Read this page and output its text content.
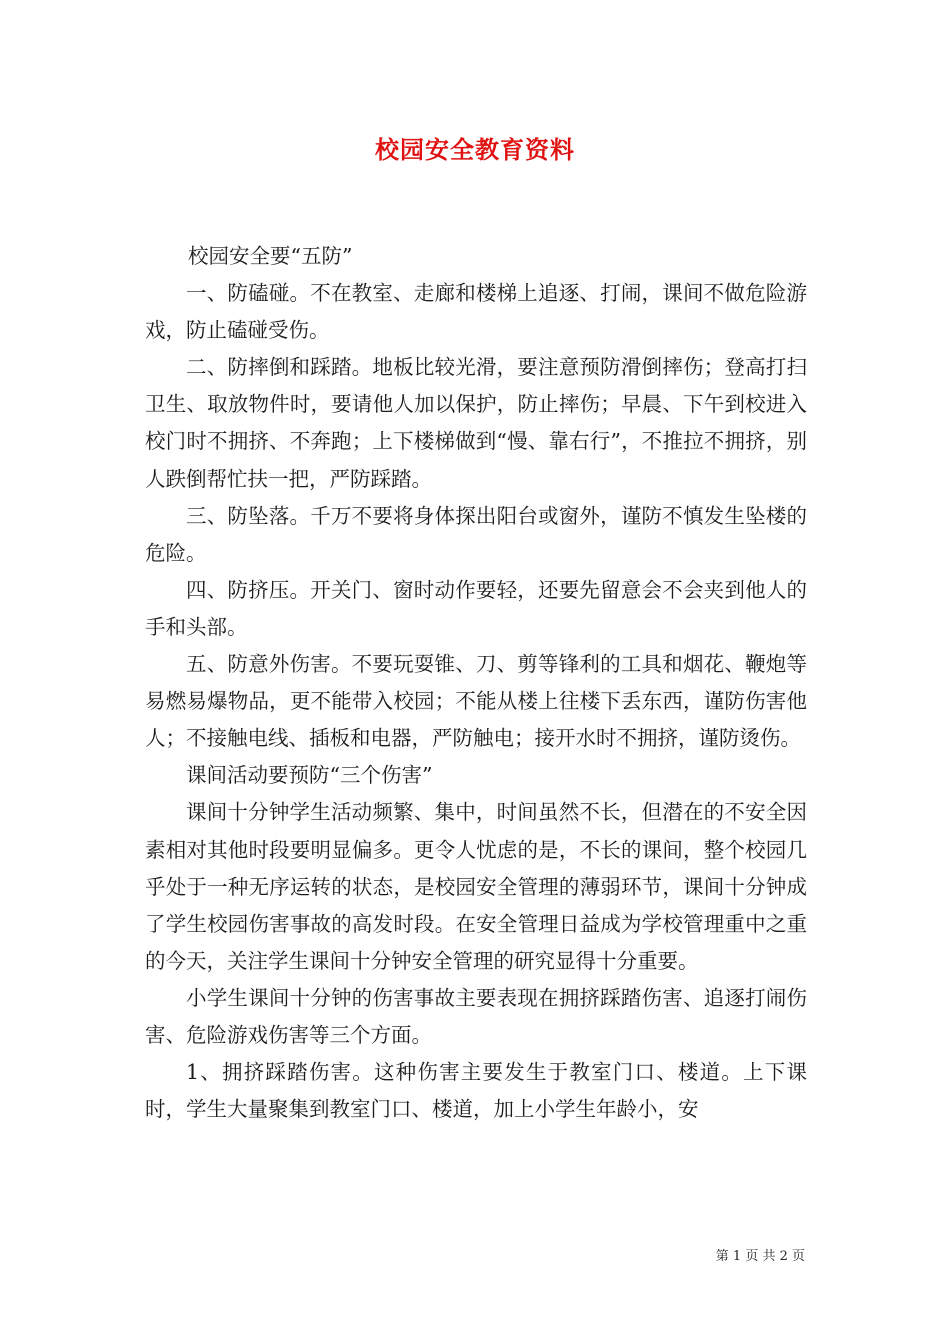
校园安全教育资料

校园安全要“五防”

一、防磕碰。不在教室、走廊和楼梯上追逐、打闹，课间不做危险游戏，防止磕碰受伤。

二、防摔倒和踩踏。地板比较光滑，要注意预防滑倒摔伤；登高打扫卫生、取放物件时，要请他人加以保护，防止摔伤；早晨、下午到校进入校门时不拥挤、不奔跑；上下楼梯做到“慢、靠右行”，不推拉不拥挤，别人跌倒帮忙扶一把，严防踩踏。

三、防坠落。千万不要将身体探出阳台或窗外，谨防不慎发生坠楼的危险。

四、防挤压。开关门、窗时动作要轻，还要先留意会不会夹到他人的手和头部。

五、防意外伤害。不要玩耍锥、刀、剪等锋利的工具和烟花、鞭炮等易燃易爆物品，更不能带入校园；不能从楼上往楼下丢东西，谨防伤害他人；不接触电线、插板和电器，严防触电；接开水时不拥挤，谨防烫伤。

课间活动要预防“三个伤害”

课间十分钟学生活动频繁、集中，时间虽然不长，但潜在的不安全因素相对其他时段要明显偏多。更令人忧虑的是，不长的课间，整个校园几乎处于一种无序运转的状态，是校园安全管理的薄弱环节，课间十分钟成了学生校园伤害事故的高发时段。在安全管理日益成为学校管理重中之重的今天，关注学生课间十分钟安全管理的研究显得十分重要。

小学生课间十分钟的伤害事故主要表现在拥挤踩踏伤害、追逐打闹伤害、危险游戏伤害等三个方面。

1、拥挤踩踏伤害。这种伤害主要发生于教室门口、楼道。上下课时，学生大量聚集到教室门口、楼道，加上小学生年龄小，安

第 1 页 共 2 页
